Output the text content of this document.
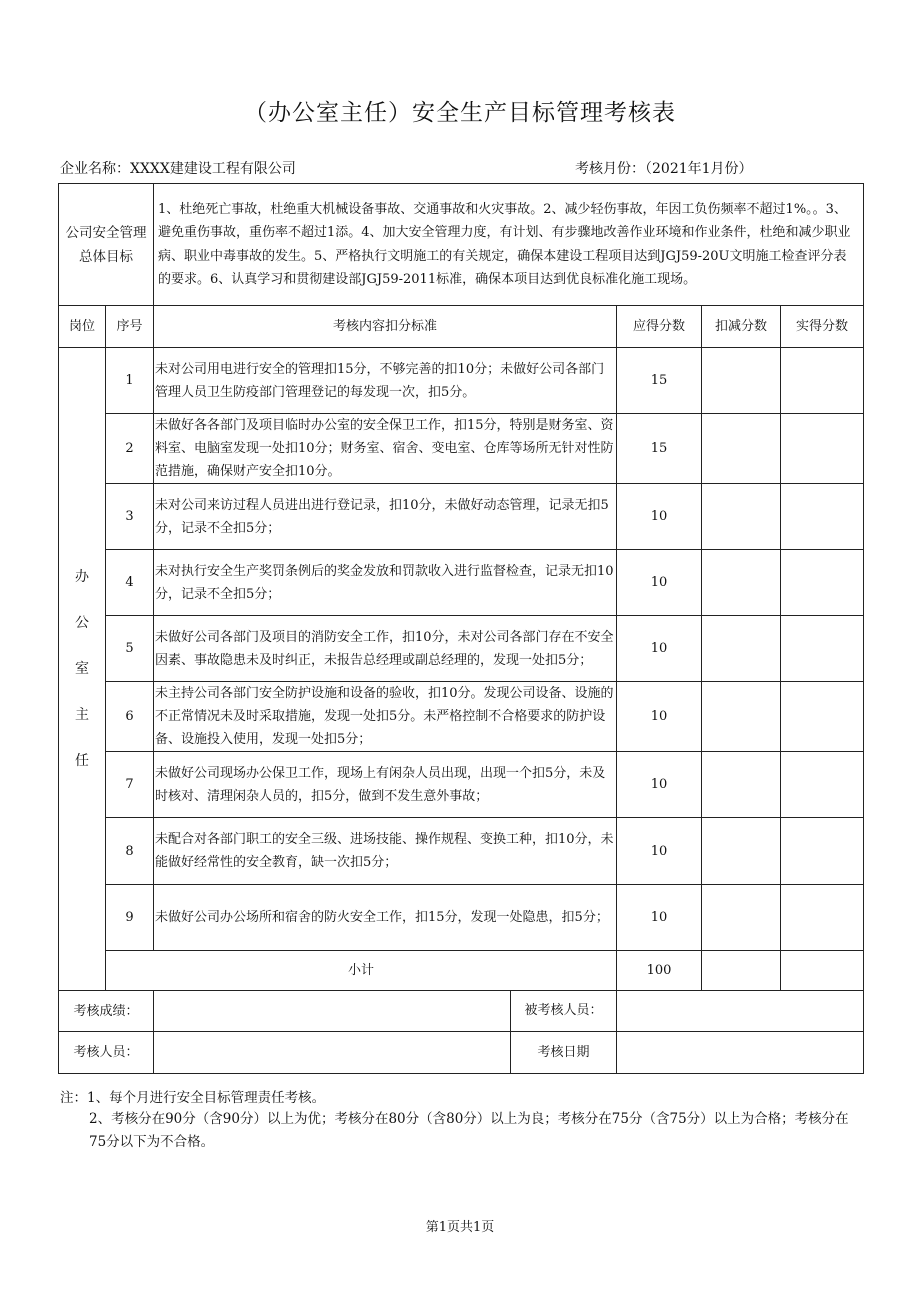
（办公室主任）安全生产目标管理考核表
企业名称：XXXX建建设工程有限公司	考核月份：（2021年1月份）
公司安全管理总体目标		1、杜绝死亡事故，杜绝重大机械设备事故、交通事故和火灾事故。2、减少轻伤事故，年因工负伤频率不超过1%。。3、避免重伤事故，重伤率不超过1添。4、加大安全管理力度，有计划、有步骤地改善作业环境和作业条件，杜绝和减少职业病、职业中毒事故的发生。5、严格执行文明施工的有关规定，确保本建设工程项目达到JGJ59-20U文明施工检查评分表的要求。6、认真学习和贯彻建设部JGJ59-2011标准，确保本项目达到优良标准化施工现场。			
岗位	序号	考核内容扣分标准	应得分数	扣减分数	实得分数

办
公
室
主
任	1	未对公司用电进行安全的管理扣15分，不够完善的扣10分；未做好公司各部门管理人员卫生防疫部门管理登记的每发现一次，扣5分。	15		
	2	未做好各各部门及项目临时办公室的安全保卫工作，扣15分，特别是财务室、资料室、电脑室发现一处扣10分；财务室、宿舍、变电室、仓库等场所无针对性防范措施，确保财产安全扣10分。	15		
	3	未对公司来访过程人员进出进行登记录，扣10分，未做好动态管理，记录无扣5分，记录不全扣5分；	10		
	4	未对执行安全生产奖罚条例后的奖金发放和罚款收入进行监督检查，记录无扣10分，记录不全扣5分；	10		
	5	未做好公司各部门及项目的消防安全工作，扣10分，未对公司各部门存在不安全因素、事故隐患未及时纠正，未报告总经理或副总经理的，发现一处扣5分；	10		
	6	未主持公司各部门安全防护设施和设备的验收，扣10分。发现公司设备、设施的不正常情况未及时采取措施，发现一处扣5分。未严格控制不合格要求的防护设备、设施投入使用，发现一处扣5分；	10		
	7	未做好公司现场办公保卫工作，现场上有闲杂人员出现，出现一个扣5分，未及时核对、清理闲杂人员的，扣5分，做到不发生意外事故；	10		
	8	未配合对各部门职工的安全三级、进场技能、操作规程、变换工种，扣10分，未能做好经常性的安全教育，缺一次扣5分；	10		
	9	未做好公司办公场所和宿舍的防火安全工作，扣15分，发现一处隐患，扣5分；	10		
	小计		100		
考核成绩：			被考核人员：		

考核人员：			考核日期		
注：1、每个月进行安全目标管理责任考核。
2、考核分在90分（含90分）以上为优；考核分在80分（含80分）以上为良；考核分在75分（含75分）以上为合格；考核分在75分以下为不合格。
第1页共1页
